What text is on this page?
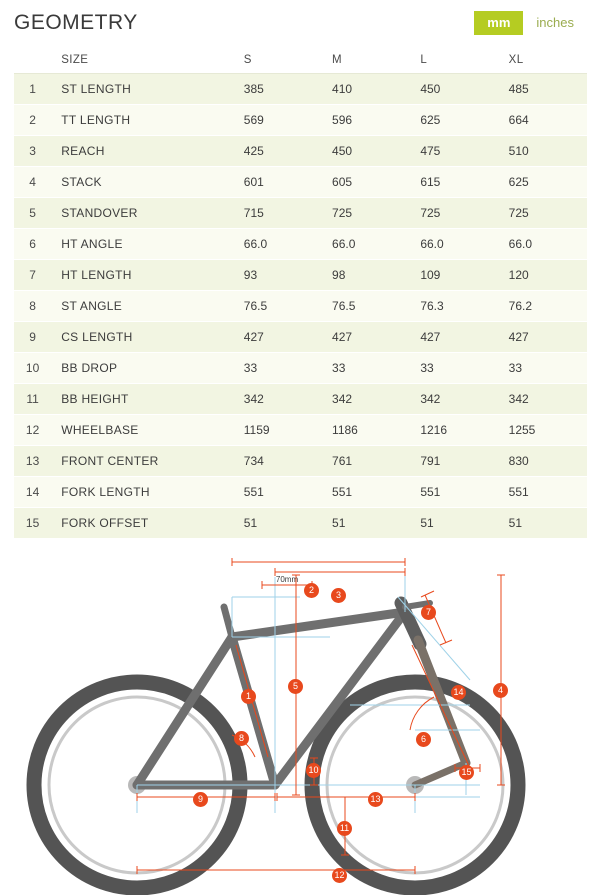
GEOMETRY	mm	inches
	SIZE	S	M	L	XL
1	ST LENGTH	385	410	450	485
2	TT LENGTH	569	596	625	664
3	REACH	425	450	475	510
4	STACK	601	605	615	625
5	STANDOVER	715	725	725	725
6	HT ANGLE	66.0	66.0	66.0	66.0
7	HT LENGTH	93	98	109	120
8	ST ANGLE	76.5	76.5	76.3	76.2
9	CS LENGTH	427	427	427	427
10	BB DROP	33	33	33	33
11	BB HEIGHT	342	342	342	342
12	WHEELBASE	1159	1186	1216	1255
13	FRONT CENTER	734	761	791	830
14	FORK LENGTH	551	551	551	551
15	FORK OFFSET	51	51	51	51
70mm
1
2	3
4
5
6
7
8
9
10
11
12
13
14
15
